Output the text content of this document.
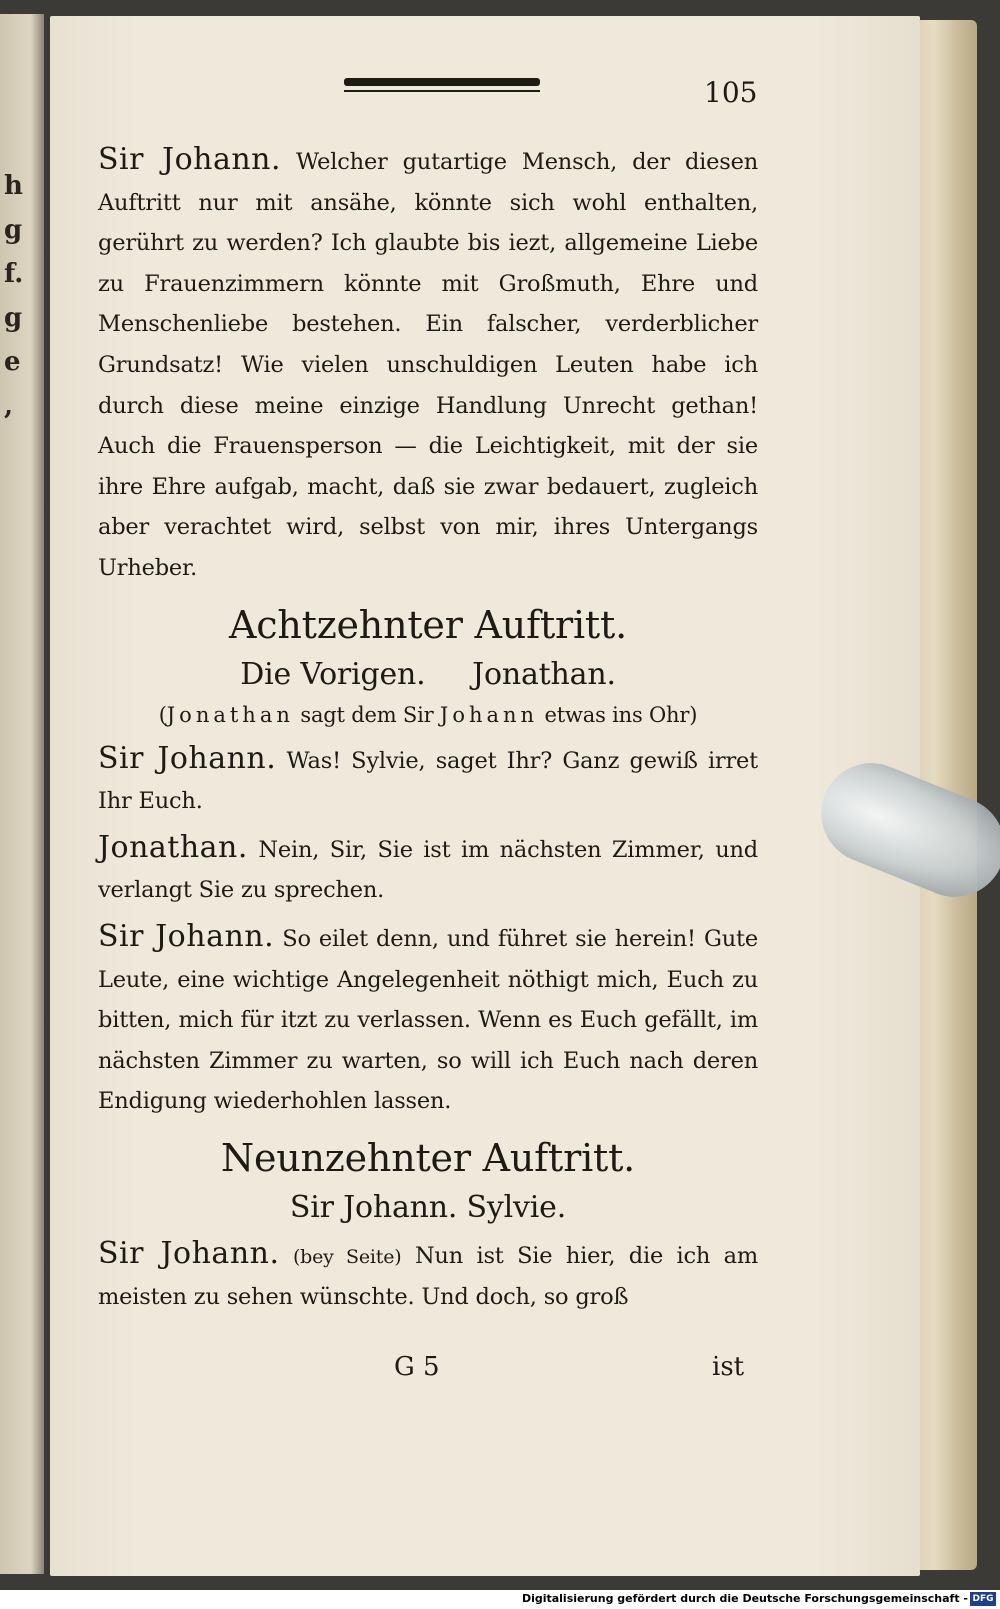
h
g
f.
g
e
,
105

Sir Johann. Welcher gutartige Mensch, der diesen Auftritt nur mit ansähe, könnte sich wohl enthalten, gerührt zu werden? Ich glaubte bis iezt, allgemeine Liebe zu Frauenzimmern könnte mit Großmuth, Ehre und Menschenliebe bestehen. Ein falscher, verderblicher Grundsatz! Wie vielen unschuldigen Leuten habe ich durch diese meine einzige Handlung Unrecht gethan! Auch die Frauensperson — die Leichtigkeit, mit der sie ihre Ehre aufgab, macht, daß sie zwar bedauert, zugleich aber verachtet wird, selbst von mir, ihres Untergangs Urheber.

Achtzehnter Auftritt.
Die Vorigen.     Jonathan.
(Jonathan sagt dem Sir Johann etwas ins Ohr)

Sir Johann. Was! Sylvie, saget Ihr? Ganz gewiß irret Ihr Euch.

Jonathan. Nein, Sir, Sie ist im nächsten Zimmer, und verlangt Sie zu sprechen.

Sir Johann. So eilet denn, und führet sie herein! Gute Leute, eine wichtige Angelegenheit nöthigt mich, Euch zu bitten, mich für itzt zu verlassen. Wenn es Euch gefällt, im nächsten Zimmer zu warten, so will ich Euch nach deren Endigung wiederhohlen lassen.

Neunzehnter Auftritt.
Sir Johann. Sylvie.

Sir Johann. (bey Seite) Nun ist Sie hier, die ich am meisten zu sehen wünschte. Und doch, so groß

G 5	ist
Digitalisierung gefördert durch die Deutsche Forschungsgemeinschaft - DFG
